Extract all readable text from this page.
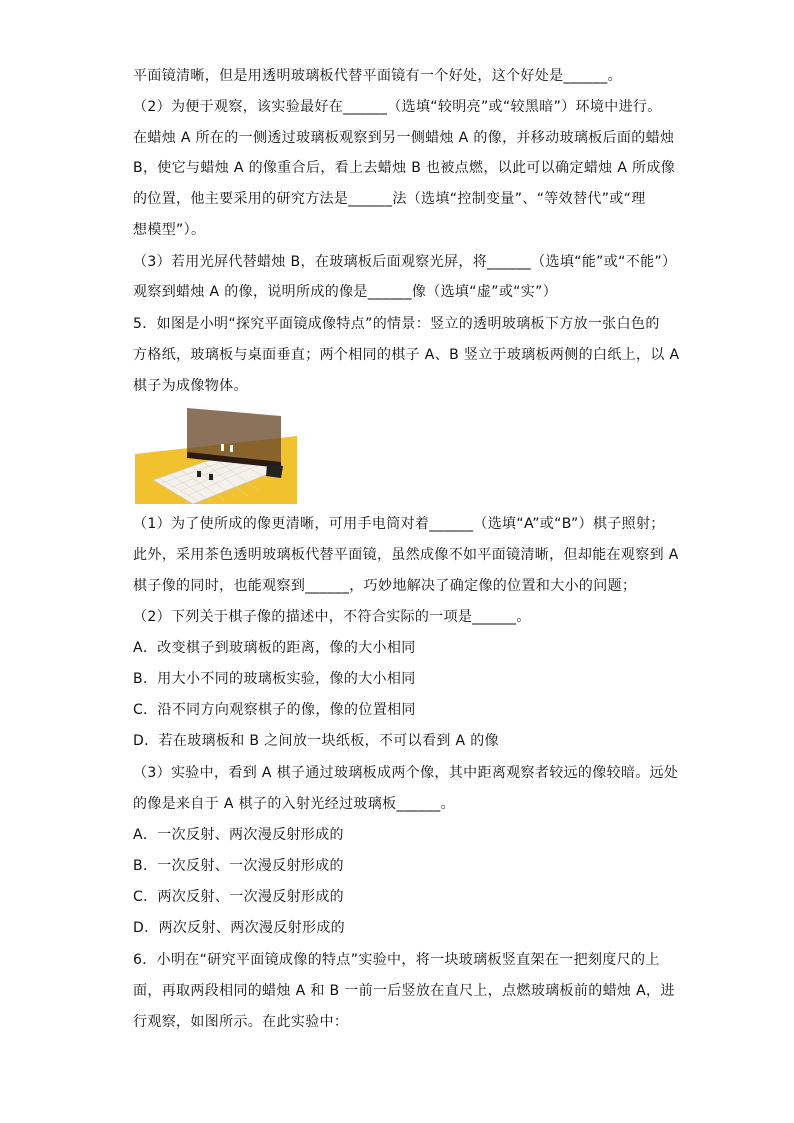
平面镜清晰，但是用透明玻璃板代替平面镜有一个好处，这个好处是______。
（2）为便于观察，该实验最好在______（选填“较明亮”或“较黑暗”）环境中进行。
在蜡烛 A 所在的一侧透过玻璃板观察到另一侧蜡烛 A 的像，并移动玻璃板后面的蜡烛
B，使它与蜡烛 A 的像重合后，看上去蜡烛 B 也被点燃，以此可以确定蜡烛 A 所成像
的位置，他主要采用的研究方法是______法（选填“控制变量”、“等效替代”或“理
想模型”）。
（3）若用光屏代替蜡烛 B，在玻璃板后面观察光屏，将______（选填“能”或“不能”）
观察到蜡烛 A 的像，说明所成的像是______像（选填“虚”或“实”）
5．如图是小明“探究平面镜成像特点”的情景：竖立的透明玻璃板下方放一张白色的
方格纸，玻璃板与桌面垂直；两个相同的棋子 A、B 竖立于玻璃板两侧的白纸上，以 A
棋子为成像物体。
（1）为了使所成的像更清晰，可用手电筒对着______（选填“A”或“B”）棋子照射；
此外，采用茶色透明玻璃板代替平面镜，虽然成像不如平面镜清晰，但却能在观察到 A
棋子像的同时，也能观察到______，巧妙地解决了确定像的位置和大小的问题；
（2）下列关于棋子像的描述中，不符合实际的一项是______。
A．改变棋子到玻璃板的距离，像的大小相同
B．用大小不同的玻璃板实验，像的大小相同
C．沿不同方向观察棋子的像，像的位置相同
D．若在玻璃板和 B 之间放一块纸板，不可以看到 A 的像
（3）实验中，看到 A 棋子通过玻璃板成两个像，其中距离观察者较远的像较暗。远处
的像是来自于 A 棋子的入射光经过玻璃板______。
A．一次反射、两次漫反射形成的
B．一次反射、一次漫反射形成的
C．两次反射、一次漫反射形成的
D．两次反射、两次漫反射形成的
6．小明在“研究平面镜成像的特点”实验中，将一块玻璃板竖直架在一把刻度尺的上
面，再取两段相同的蜡烛 A 和 B 一前一后竖放在直尺上，点燃玻璃板前的蜡烛 A，进
行观察，如图所示。在此实验中：
